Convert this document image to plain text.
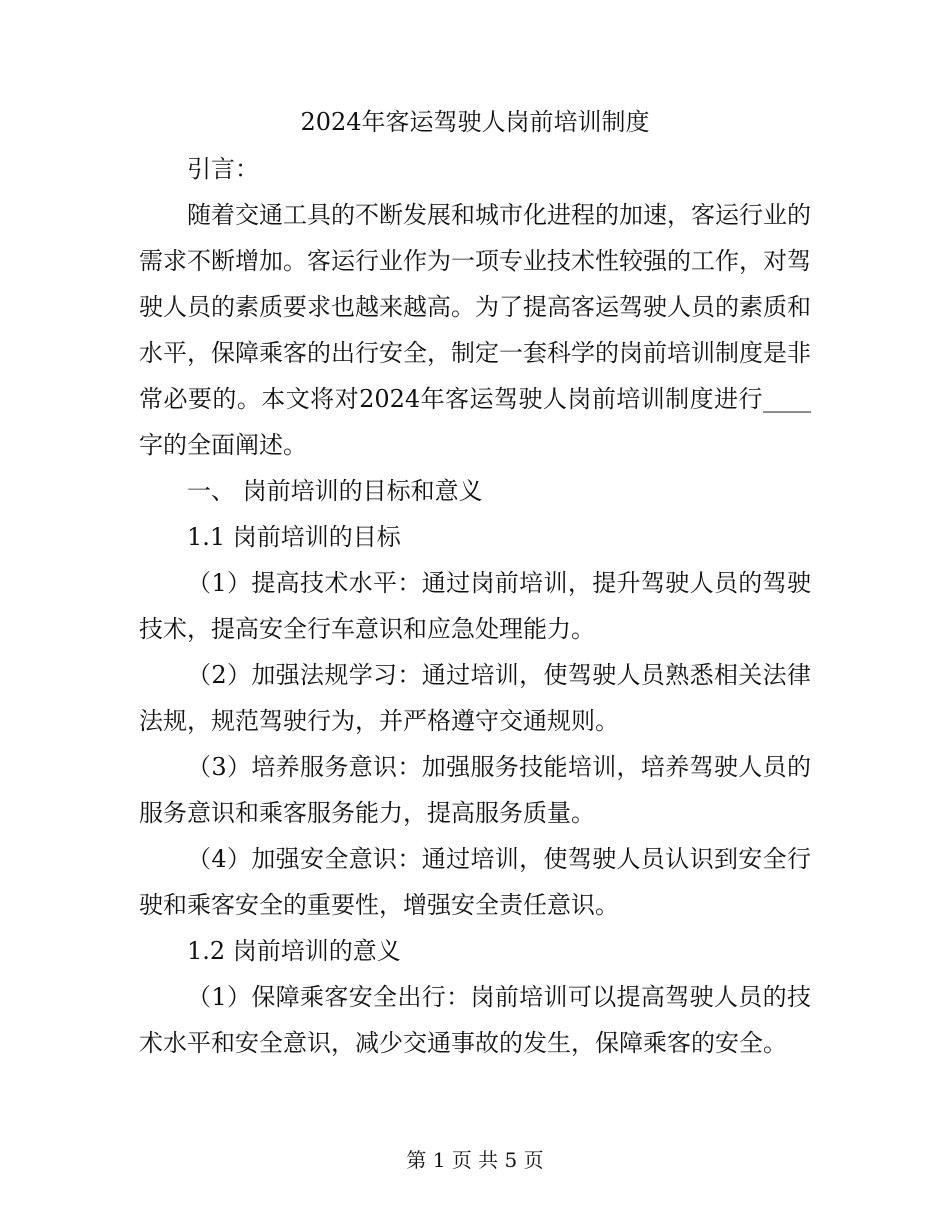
2024年客运驾驶人岗前培训制度

引言：

随着交通工具的不断发展和城市化进程的加速，客运行业的需求不断增加。客运行业作为一项专业技术性较强的工作，对驾驶人员的素质要求也越来越高。为了提高客运驾驶人员的素质和水平，保障乘客的出行安全，制定一套科学的岗前培训制度是非常必要的。本文将对2024年客运驾驶人岗前培训制度进行____字的全面阐述。

一、 岗前培训的目标和意义

1.1 岗前培训的目标

（1）提高技术水平：通过岗前培训，提升驾驶人员的驾驶技术，提高安全行车意识和应急处理能力。

（2）加强法规学习：通过培训，使驾驶人员熟悉相关法律法规，规范驾驶行为，并严格遵守交通规则。

（3）培养服务意识：加强服务技能培训，培养驾驶人员的服务意识和乘客服务能力，提高服务质量。

（4）加强安全意识：通过培训，使驾驶人员认识到安全行驶和乘客安全的重要性，增强安全责任意识。

1.2 岗前培训的意义

（1）保障乘客安全出行：岗前培训可以提高驾驶人员的技术水平和安全意识，减少交通事故的发生，保障乘客的安全。

第 1 页 共 5 页
